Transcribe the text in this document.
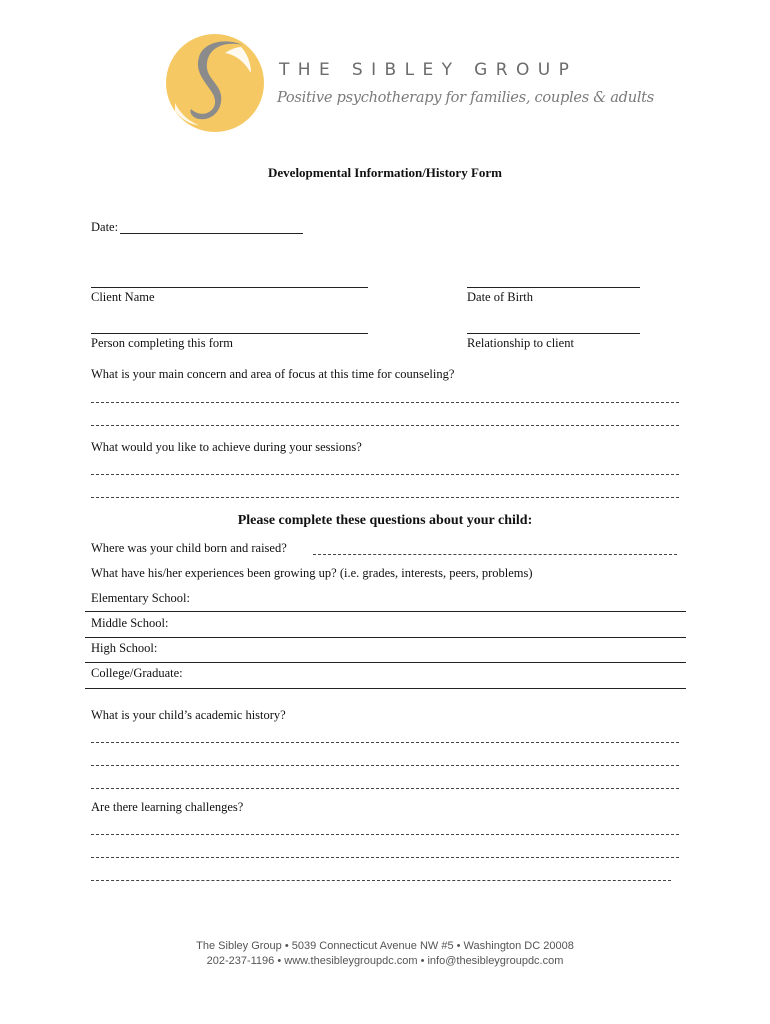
THE SIBLEY GROUP
Positive psychotherapy for families, couples & adults
Developmental Information/History Form
Date:
Client Name	Date of Birth
Person completing this form	Relationship to client
What is your main concern and area of focus at this time for counseling?
What would you like to achieve during your sessions?
Please complete these questions about your child:
Where was your child born and raised?
What have his/her experiences been growing up? (i.e. grades, interests, peers, problems)
Elementary School:
Middle School:
High School:
College/Graduate:
What is your child’s academic history?
Are there learning challenges?
The Sibley Group • 5039 Connecticut Avenue NW #5 • Washington DC 20008
202-237-1196 • www.thesibleygroupdc.com • info@thesibleygroupdc.com
